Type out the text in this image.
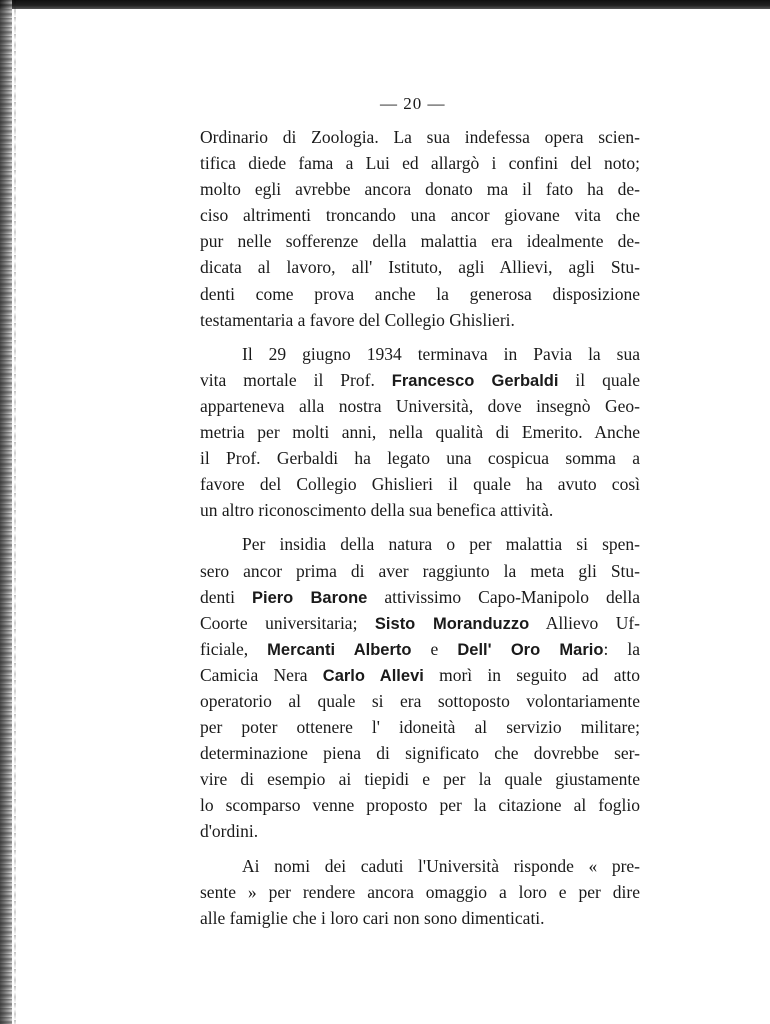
— 20 —
Ordinario di Zoologia. La sua indefessa opera scien-
tifica diede fama a Lui ed allargò i confini del noto;
molto egli avrebbe ancora donato ma il fato ha de-
ciso altrimenti troncando una ancor giovane vita che
pur nelle sofferenze della malattia era idealmente de-
dicata al lavoro, all' Istituto, agli Allievi, agli Stu-
denti come prova anche la generosa disposizione
testamentaria a favore del Collegio Ghislieri.
Il 29 giugno 1934 terminava in Pavia la sua
vita mortale il Prof. Francesco Gerbaldi il quale
apparteneva alla nostra Università, dove insegnò Geo-
metria per molti anni, nella qualità di Emerito. Anche
il Prof. Gerbaldi ha legato una cospicua somma a
favore del Collegio Ghislieri il quale ha avuto così
un altro riconoscimento della sua benefica attività.
Per insidia della natura o per malattia si spen-
sero ancor prima di aver raggiunto la meta gli Stu-
denti Piero Barone attivissimo Capo-Manipolo della
Coorte universitaria; Sisto Moranduzzo Allievo Uf-
ficiale, Mercanti Alberto e Dell' Oro Mario: la
Camicia Nera Carlo Allevi morì in seguito ad atto
operatorio al quale si era sottoposto volontariamente
per poter ottenere l' idoneità al servizio militare;
determinazione piena di significato che dovrebbe ser-
vire di esempio ai tiepidi e per la quale giustamente
lo scomparso venne proposto per la citazione al foglio
d'ordini.
Ai nomi dei caduti l'Università risponde « pre-
sente » per rendere ancora omaggio a loro e per dire
alle famiglie che i loro cari non sono dimenticati.
